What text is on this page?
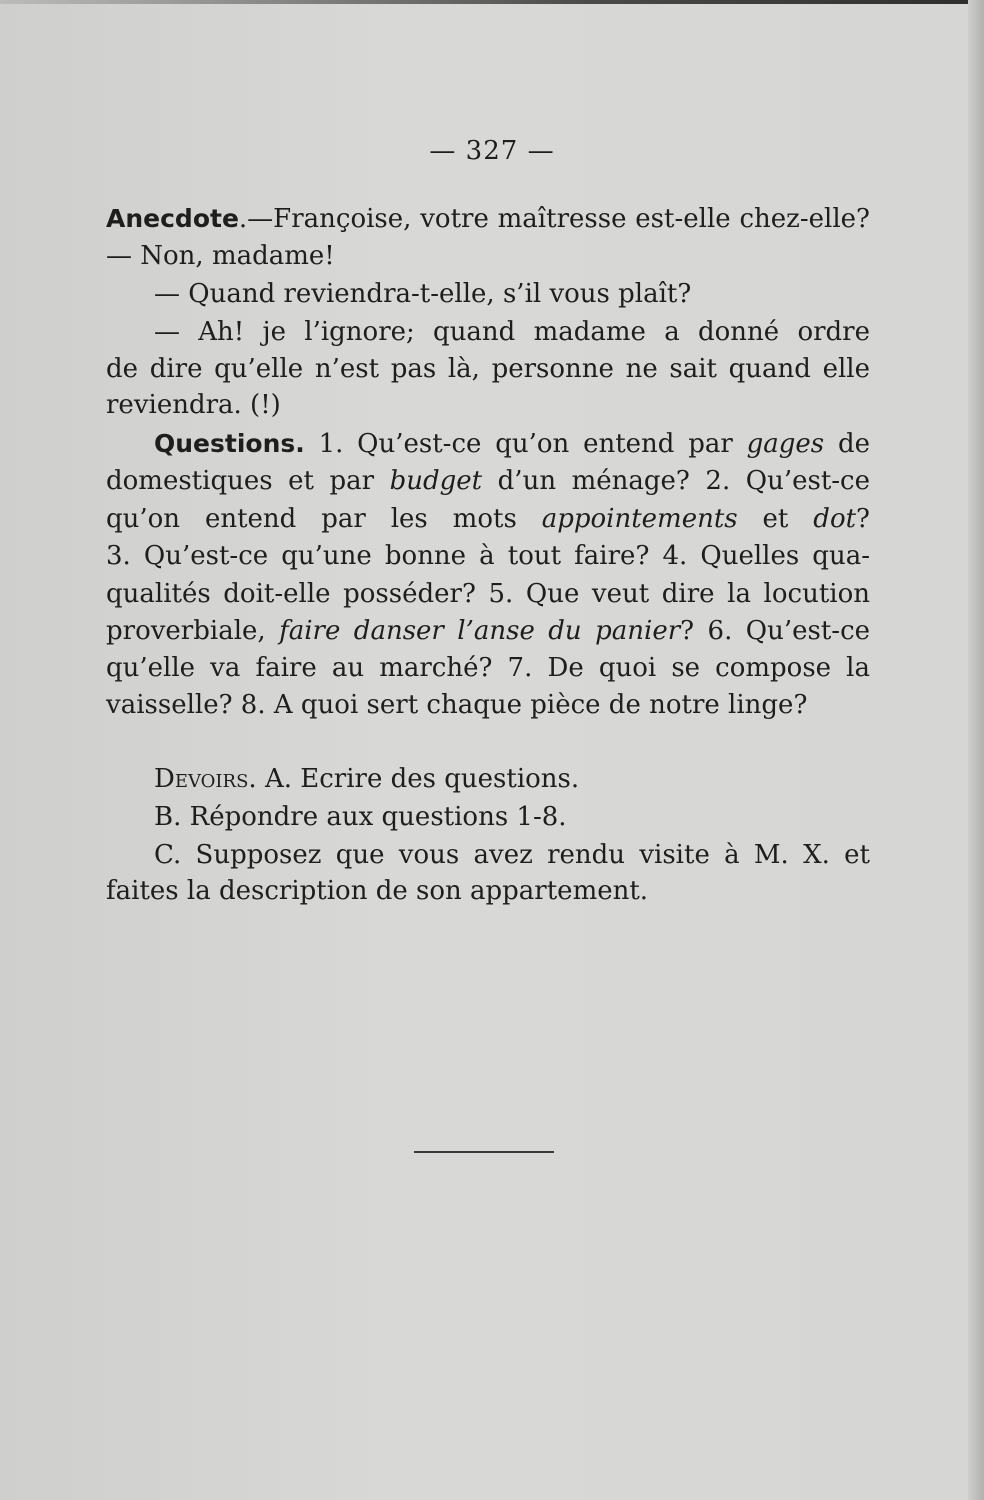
— 327 —
Anecdote.—Françoise, votre maîtresse est-elle chez-elle?
— Non, madame!
— Quand reviendra-t-elle, s’il vous plaît?
— Ah! je l’ignore; quand madame a donné ordre
de dire qu’elle n’est pas là, personne ne sait quand elle
reviendra. (!)
Questions. 1. Qu’est-ce qu’on entend par gages de
domestiques et par budget d’un ménage? 2. Qu’est-ce
qu’on entend par les mots appointements et dot?
3. Qu’est-ce qu’une bonne à tout faire? 4. Quelles qua-
qualités doit-elle posséder? 5. Que veut dire la locution
proverbiale, faire danser l’anse du panier? 6. Qu’est-ce
qu’elle va faire au marché? 7. De quoi se compose la
vaisselle? 8. A quoi sert chaque pièce de notre linge?
Devoirs. A. Ecrire des questions.
B. Répondre aux questions 1-8.
C. Supposez que vous avez rendu visite à M. X. et
faites la description de son appartement.
